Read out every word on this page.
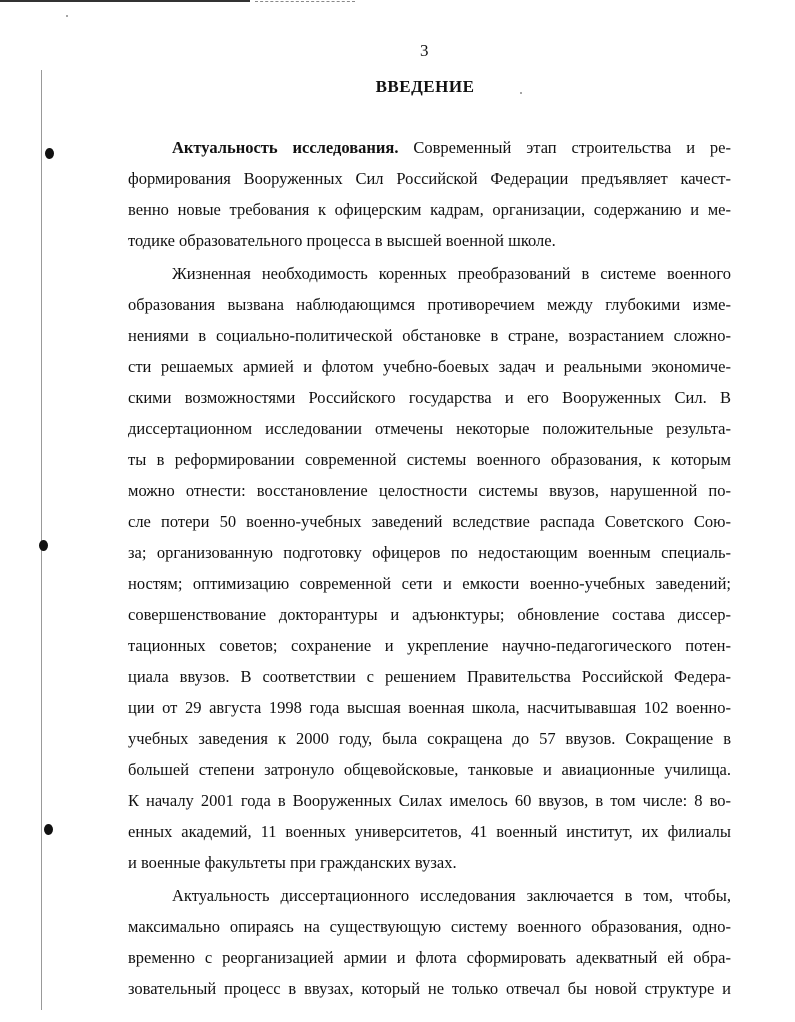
3
ВВЕДЕНИЕ
Актуальность исследования. Современный этап строительства и ре-
формирования Вооруженных Сил Российской Федерации предъявляет качест-
венно новые требования к офицерским кадрам, организации, содержанию и ме-
тодике образовательного процесса в высшей военной школе.
Жизненная необходимость коренных преобразований в системе военного
образования вызвана наблюдающимся противоречием между глубокими изме-
нениями в социально-политической обстановке в стране, возрастанием сложно-
сти решаемых армией и флотом учебно-боевых задач и реальными экономиче-
скими возможностями Российского государства и его Вооруженных Сил. В
диссертационном исследовании отмечены некоторые положительные результа-
ты в реформировании современной системы военного образования, к которым
можно отнести: восстановление целостности системы ввузов, нарушенной по-
сле потери 50 военно-учебных заведений вследствие распада Советского Сою-
за; организованную подготовку офицеров по недостающим военным специаль-
ностям; оптимизацию современной сети и емкости военно-учебных заведений;
совершенствование докторантуры и адъюнктуры; обновление состава диссер-
тационных советов; сохранение и укрепление научно-педагогического потен-
циала ввузов. В соответствии с решением Правительства Российской Федера-
ции от 29 августа 1998 года высшая военная школа, насчитывавшая 102 военно-
учебных заведения к 2000 году, была сокращена до 57 ввузов. Сокращение в
большей степени затронуло общевойсковые, танковые и авиационные училища.
К началу 2001 года в Вооруженных Силах имелось 60 ввузов, в том числе: 8 во-
енных академий, 11 военных университетов, 41 военный институт, их филиалы
и военные факультеты при гражданских вузах.
Актуальность диссертационного исследования заключается в том, чтобы,
максимально опираясь на существующую систему военного образования, одно-
временно с реорганизацией армии и флота сформировать адекватный ей обра-
зовательный процесс в ввузах, который не только отвечал бы новой структуре и
